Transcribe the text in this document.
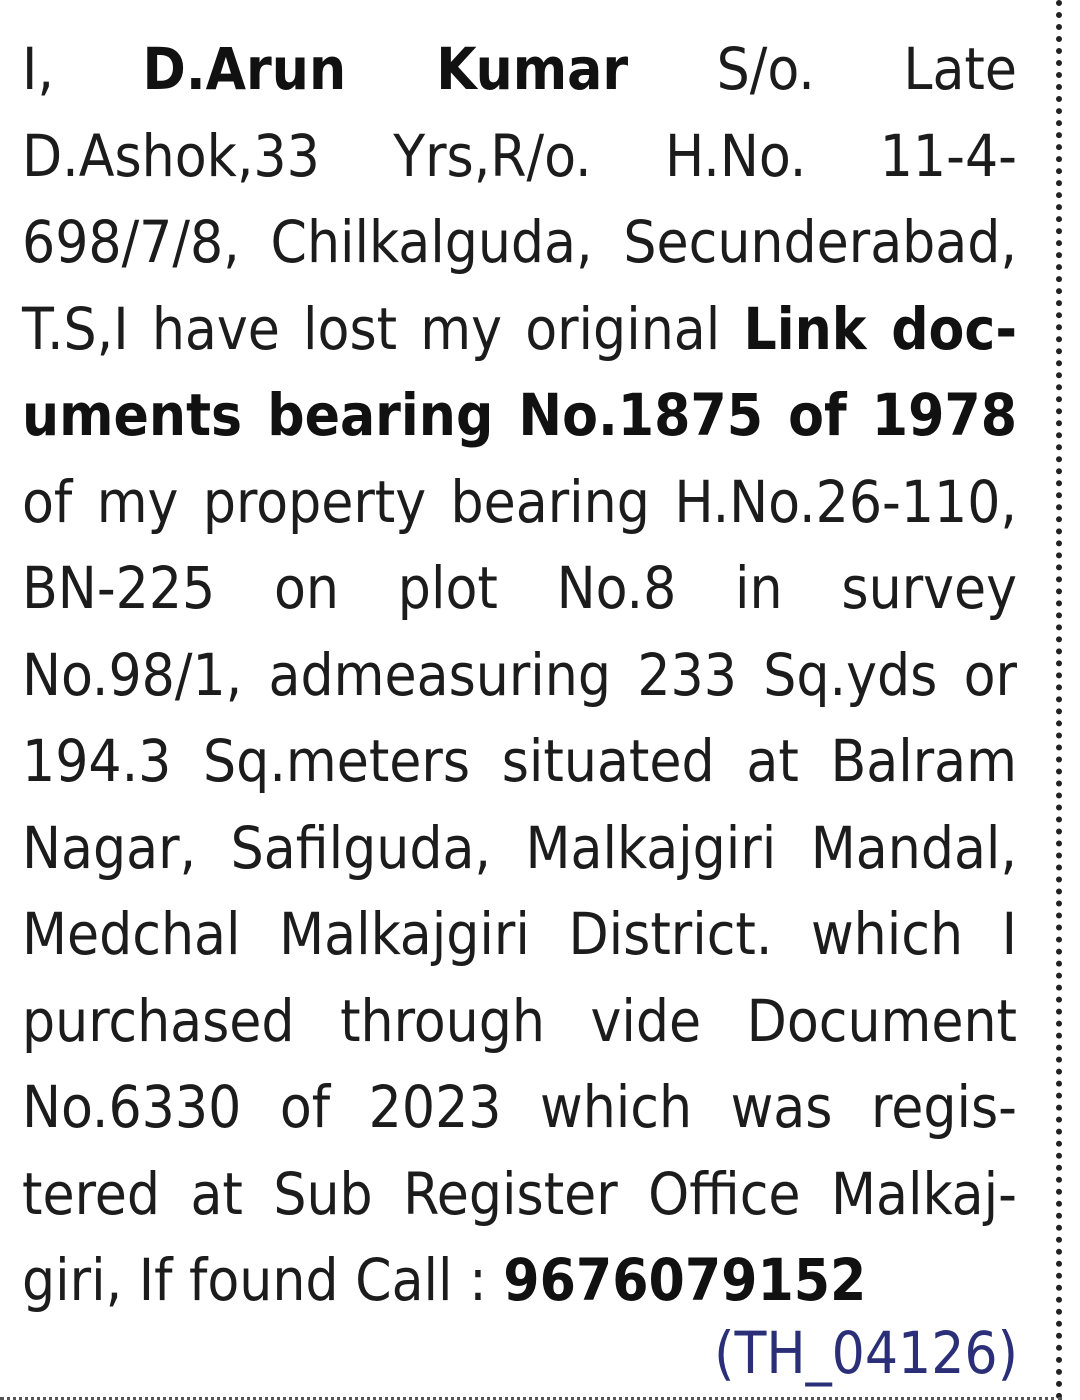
I, D.Arun Kumar S/o. Late
D.Ashok,33 Yrs,R/o. H.No. 11-4-
698/7/8, Chilkalguda, Secunderabad,
T.S,I have lost my original Link doc-
uments bearing No.1875 of 1978
of my property bearing H.No.26-110,
BN-225 on plot No.8 in survey
No.98/1, admeasuring 233 Sq.yds or
194.3 Sq.meters situated at Balram
Nagar, Safilguda, Malkajgiri Mandal,
Medchal Malkajgiri District. which I
purchased through vide Document
No.6330 of 2023 which was regis-
tered at Sub Register Office Malkaj-
giri, If found Call : 9676079152
(TH_04126)
